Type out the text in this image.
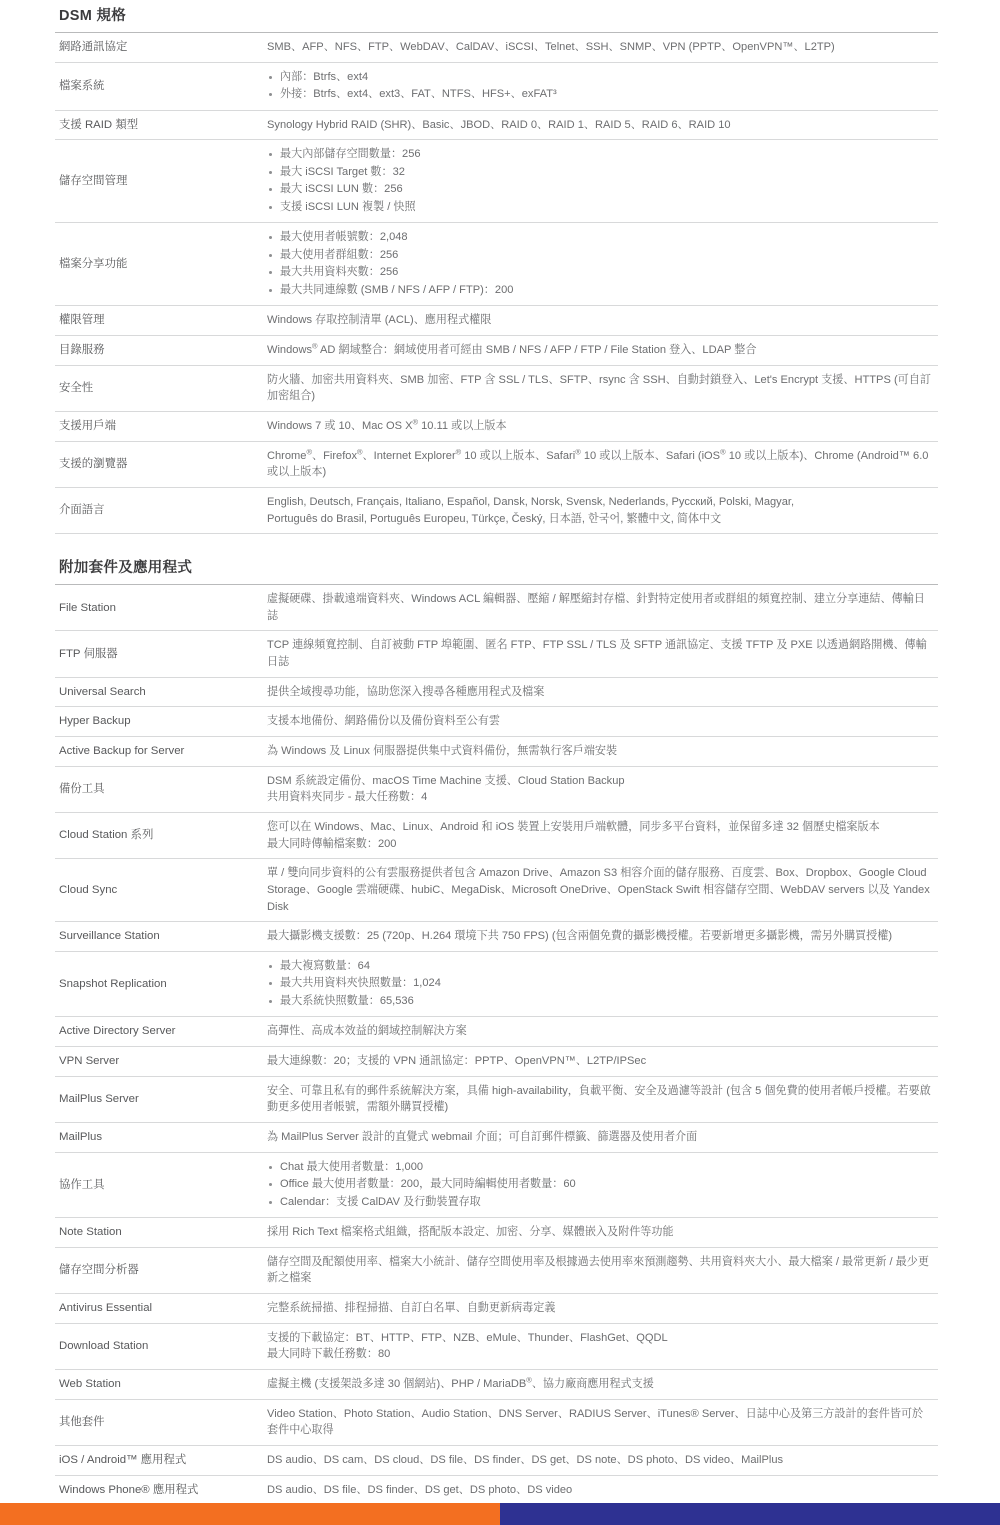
DSM 規格
網路通訊協定	SMB、AFP、NFS、FTP、WebDAV、CalDAV、iSCSI、Telnet、SSH、SNMP、VPN (PPTP、OpenVPN™、L2TP)

檔案系統	
內部：Btrfs、ext4
外接：Btrfs、ext4、ext3、FAT、NTFS、HFS+、exFAT³

支援 RAID 類型	Synology Hybrid RAID (SHR)、Basic、JBOD、RAID 0、RAID 1、RAID 5、RAID 6、RAID 10

儲存空間管理	
最大內部儲存空間數量：256
最大 iSCSI Target 數：32
最大 iSCSI LUN 數：256
支援 iSCSI LUN 複製 / 快照

檔案分享功能	
最大使用者帳號數：2,048
最大使用者群組數：256
最大共用資料夾數：256
最大共同連線數 (SMB / NFS / AFP / FTP)：200

權限管理	Windows 存取控制清單 (ACL)、應用程式權限

目錄服務	Windows® AD 網域整合：網域使用者可經由 SMB / NFS / AFP / FTP / File Station 登入、LDAP 整合

安全性	防火牆、加密共用資料夾、SMB 加密、FTP 含 SSL / TLS、SFTP、rsync 含 SSH、自動封鎖登入、Let's Encrypt 支援、HTTPS (可自訂加密組合)

支援用戶端	Windows 7 或 10、Mac OS X® 10.11 或以上版本

支援的瀏覽器	Chrome®、Firefox®、Internet Explorer® 10 或以上版本、Safari® 10 或以上版本、Safari (iOS® 10 或以上版本)、Chrome (Android™ 6.0 或以上版本)

介面語言	English, Deutsch, Français, Italiano, Español, Dansk, Norsk, Svensk, Nederlands, Русский, Polski, Magyar,
Português do Brasil, Português Europeu, Türkçe, Český, 日本語, 한국어, 繁體中文, 简体中文

附加套件及應用程式
File Station	虛擬硬碟、掛載遠端資料夾、Windows ACL 編輯器、壓縮 / 解壓縮封存檔、針對特定使用者或群組的頻寬控制、建立分享連結、傳輸日誌

FTP 伺服器	TCP 連線頻寬控制、自訂被動 FTP 埠範圍、匿名 FTP、FTP SSL / TLS 及 SFTP 通訊協定、支援 TFTP 及 PXE 以透過網路開機、傳輸日誌

Universal Search	提供全域搜尋功能，協助您深入搜尋各種應用程式及檔案

Hyper Backup	支援本地備份、網路備份以及備份資料至公有雲

Active Backup for Server	為 Windows 及 Linux 伺服器提供集中式資料備份，無需執行客戶端安裝

備份工具	DSM 系統設定備份、macOS Time Machine 支援、Cloud Station Backup
共用資料夾同步 - 最大任務數：4

Cloud Station 系列	您可以在 Windows、Mac、Linux、Android 和 iOS 裝置上安裝用戶端軟體，同步多平台資料，並保留多達 32 個歷史檔案版本
最大同時傳輸檔案數：200

Cloud Sync	單 / 雙向同步資料的公有雲服務提供者包含 Amazon Drive、Amazon S3 相容介面的儲存服務、百度雲、Box、Dropbox、Google Cloud Storage、Google 雲端硬碟、hubiC、MegaDisk、Microsoft OneDrive、OpenStack Swift 相容儲存空間、WebDAV servers 以及 Yandex Disk

Surveillance Station	最大攝影機支援數：25 (720p、H.264 環境下共 750 FPS) (包含兩個免費的攝影機授權。若要新增更多攝影機，需另外購買授權)

Snapshot Replication	
最大複寫數量：64
最大共用資料夾快照數量：1,024
最大系統快照數量：65,536

Active Directory Server	高彈性、高成本效益的網域控制解決方案

VPN Server	最大連線數：20；支援的 VPN 通訊協定：PPTP、OpenVPN™、L2TP/IPSec

MailPlus Server	安全、可靠且私有的郵件系統解決方案，具備 high-availability，負載平衡、安全及過濾等設計 (包含 5 個免費的使用者帳戶授權。若要啟動更多使用者帳號，需額外購買授權)

MailPlus	為 MailPlus Server 設計的直覺式 webmail 介面；可自訂郵件標籤、篩選器及使用者介面

協作工具	
Chat 最大使用者數量：1,000
Office 最大使用者數量：200，最大同時編輯使用者數量：60
Calendar：支援 CalDAV 及行動裝置存取

Note Station	採用 Rich Text 檔案格式組織，搭配版本設定、加密、分享、媒體嵌入及附件等功能

儲存空間分析器	儲存空間及配額使用率、檔案大小統計、儲存空間使用率及根據過去使用率來預測趨勢、共用資料夾大小、最大檔案 / 最常更新 / 最少更新之檔案

Antivirus Essential	完整系統掃描、排程掃描、自訂白名單、自動更新病毒定義

Download Station	支援的下載協定：BT、HTTP、FTP、NZB、eMule、Thunder、FlashGet、QQDL
最大同時下載任務數：80

Web Station	虛擬主機 (支援架設多達 30 個網站)、PHP / MariaDB®、協力廠商應用程式支援

其他套件	Video Station、Photo Station、Audio Station、DNS Server、RADIUS Server、iTunes® Server、日誌中心及第三方設計的套件皆可於套件中心取得

iOS / Android™ 應用程式	DS audio、DS cam、DS cloud、DS file、DS finder、DS get、DS note、DS photo、DS video、MailPlus

Windows Phone® 應用程式	DS audio、DS file、DS finder、DS get、DS photo、DS video
